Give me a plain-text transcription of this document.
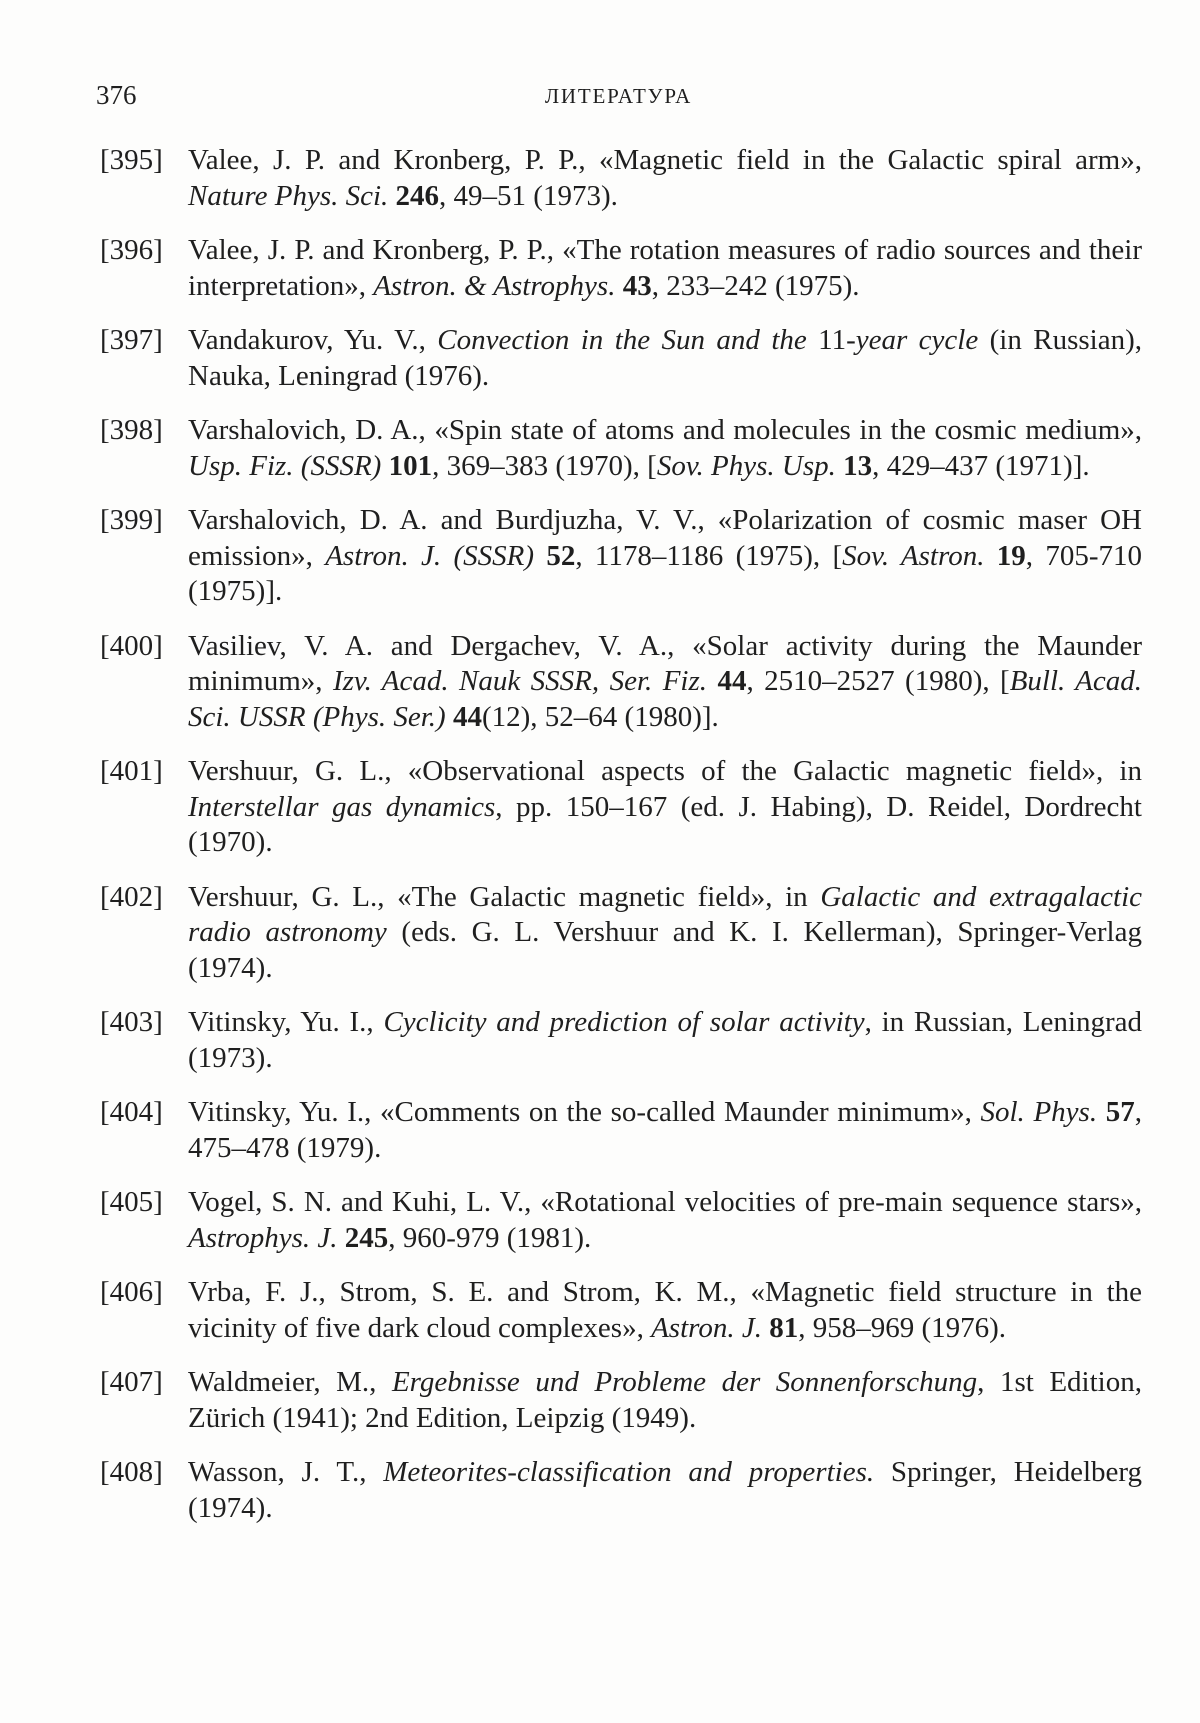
376	ЛИТЕРАТУРА
[395] Valee, J. P. and Kronberg, P. P., «Magnetic field in the Galactic spiral arm», Nature Phys. Sci. 246, 49–51 (1973).
[396] Valee, J. P. and Kronberg, P. P., «The rotation measures of radio sources and their interpretation», Astron. & Astrophys. 43, 233–242 (1975).
[397] Vandakurov, Yu. V., Convection in the Sun and the 11-year cycle (in Russian), Nauka, Leningrad (1976).
[398] Varshalovich, D. A., «Spin state of atoms and molecules in the cosmic medium», Usp. Fiz. (SSSR) 101, 369–383 (1970), [Sov. Phys. Usp. 13, 429–437 (1971)].
[399] Varshalovich, D. A. and Burdjuzha, V. V., «Polarization of cosmic maser OH emission», Astron. J. (SSSR) 52, 1178–1186 (1975), [Sov. Astron. 19, 705-710 (1975)].
[400] Vasiliev, V. A. and Dergachev, V. A., «Solar activity during the Maunder minimum», Izv. Acad. Nauk SSSR, Ser. Fiz. 44, 2510–2527 (1980), [Bull. Acad. Sci. USSR (Phys. Ser.) 44(12), 52–64 (1980)].
[401] Vershuur, G. L., «Observational aspects of the Galactic magnetic field», in Interstellar gas dynamics, pp. 150–167 (ed. J. Habing), D. Reidel, Dordrecht (1970).
[402] Vershuur, G. L., «The Galactic magnetic field», in Galactic and extragalactic radio astronomy (eds. G. L. Vershuur and K. I. Kellerman), Springer-Verlag (1974).
[403] Vitinsky, Yu. I., Cyclicity and prediction of solar activity, in Russian, Leningrad (1973).
[404] Vitinsky, Yu. I., «Comments on the so-called Maunder minimum», Sol. Phys. 57, 475–478 (1979).
[405] Vogel, S. N. and Kuhi, L. V., «Rotational velocities of pre-main sequence stars», Astrophys. J. 245, 960-979 (1981).
[406] Vrba, F. J., Strom, S. E. and Strom, K. M., «Magnetic field structure in the vicinity of five dark cloud complexes», Astron. J. 81, 958–969 (1976).
[407] Waldmeier, M., Ergebnisse und Probleme der Sonnenforschung, 1st Edition, Zürich (1941); 2nd Edition, Leipzig (1949).
[408] Wasson, J. T., Meteorites-classification and properties. Springer, Heidelberg (1974).
